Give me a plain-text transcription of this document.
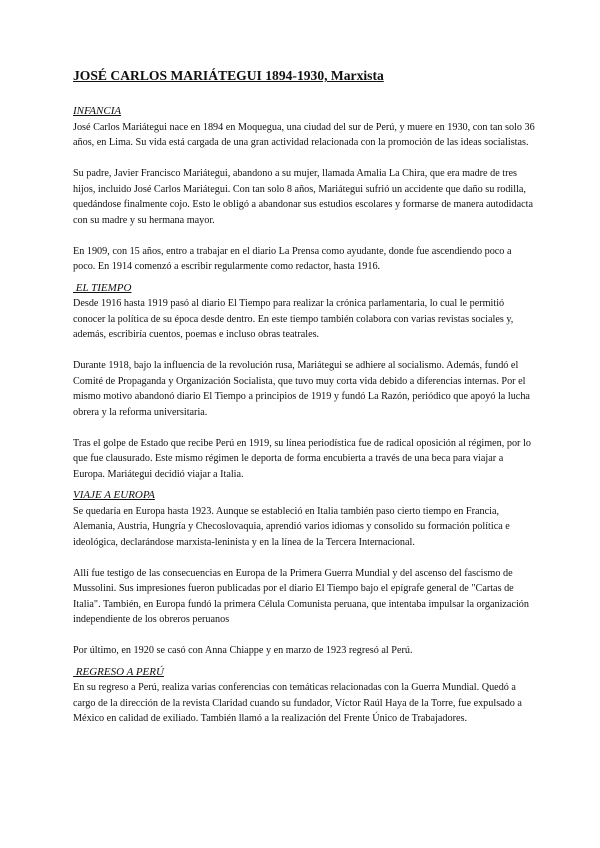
JOSÉ CARLOS MARIÁTEGUI 1894-1930, Marxista
INFANCIA

José Carlos Mariátegui nace en 1894 en Moquegua, una ciudad del sur de Perú, y muere en 1930, con tan solo 36 años, en Lima. Su vida está cargada de una gran actividad relacionada con la promoción de las ideas socialistas.

Su padre, Javier Francisco Mariátegui, abandono a su mujer, llamada Amalia La Chira, que era madre de tres hijos, incluido José Carlos Mariátegui. Con tan solo 8 años, Mariátegui sufrió un accidente que daño su rodilla, quedándose finalmente cojo. Esto le obligó a abandonar sus estudios escolares y formarse de manera autodidacta con su madre y su hermana mayor.

En 1909, con 15 años, entro a trabajar en el diario La Prensa como ayudante, donde fue ascendiendo poco a poco. En 1914 comenzó a escribir regularmente como redactor, hasta 1916.

EL TIEMPO

Desde 1916 hasta 1919 pasó al diario El Tiempo para realizar la crónica parlamentaria, lo cual le permitió conocer la política de su época desde dentro. En este tiempo también colabora con varias revistas sociales y, además, escribiría cuentos, poemas e incluso obras teatrales.

Durante 1918, bajo la influencia de la revolución rusa, Mariátegui se adhiere al socialismo. Además, fundó el Comité de Propaganda y Organización Socialista, que tuvo muy corta vida debido a diferencias internas. Por el mismo motivo abandonó diario El Tiempo a principios de 1919 y fundó La Razón, periódico que apoyó la lucha obrera y la reforma universitaria.

Tras el golpe de Estado que recibe Perú en 1919, su línea periodística fue de radical oposición al régimen, por lo que fue clausurado. Este mismo régimen le deporta de forma encubierta a través de una beca para viajar a Europa. Mariátegui decidió viajar a Italia.

VIAJE A EUROPA

Se quedaría en Europa hasta 1923. Aunque se estableció en Italia también paso cierto tiempo en Francia, Alemania, Austria, Hungría y Checoslovaquia, aprendió varios idiomas y consolido su formación política e ideológica, declarándose marxista-leninista y en la línea de la Tercera Internacional.

Allí fue testigo de las consecuencias en Europa de la Primera Guerra Mundial y del ascenso del fascismo de Mussolini. Sus impresiones fueron publicadas por el diario El Tiempo bajo el epígrafe general de "Cartas de Italia". También, en Europa fundó la primera Célula Comunista peruana, que intentaba impulsar la organización independiente de los obreros peruanos

Por último, en 1920 se casó con Anna Chiappe y en marzo de 1923 regresó al Perú.

REGRESO A PERÚ

En su regreso a Perú, realiza varias conferencias con temáticas relacionadas con la Guerra Mundial. Quedó a cargo de la dirección de la revista Claridad cuando su fundador, Víctor Raúl Haya de la Torre, fue expulsado a México en calidad de exiliado. También llamó a la realización del Frente Único de Trabajadores.
